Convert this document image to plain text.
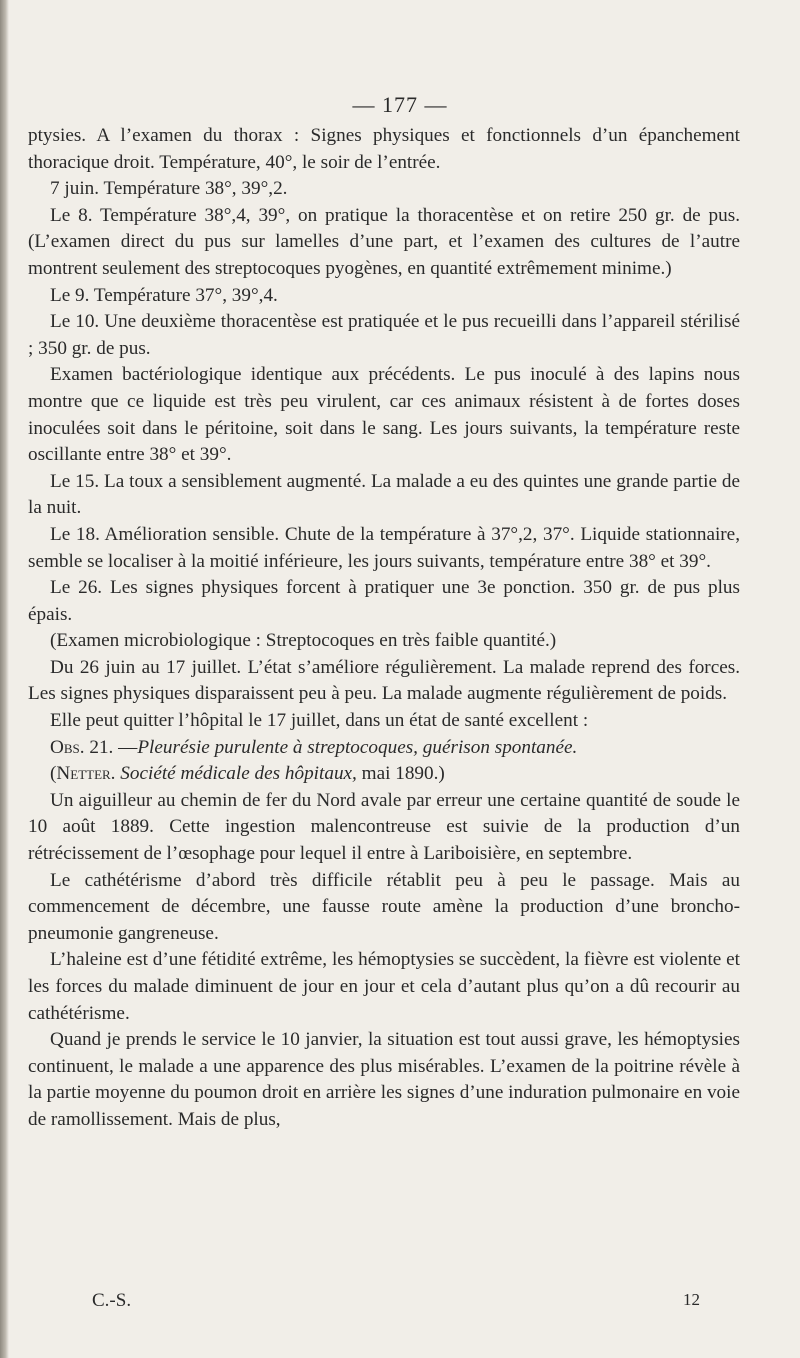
— 177 —

ptysies. A l’examen du thorax : Signes physiques et fonctionnels d’un épanchement thoracique droit. Température, 40°, le soir de l’entrée.

7 juin. Température 38°, 39°,2.

Le 8. Température 38°,4, 39°, on pratique la thoracentèse et on retire 250 gr. de pus. (L’examen direct du pus sur lamelles d’une part, et l’examen des cultures de l’autre montrent seulement des streptocoques pyogènes, en quantité extrêmement minime.)

Le 9. Température 37°, 39°,4.

Le 10. Une deuxième thoracentèse est pratiquée et le pus recueilli dans l’appareil stérilisé ; 350 gr. de pus.

Examen bactériologique identique aux précédents. Le pus inoculé à des lapins nous montre que ce liquide est très peu virulent, car ces animaux résistent à de fortes doses inoculées soit dans le péritoine, soit dans le sang. Les jours suivants, la température reste oscillante entre 38° et 39°.

Le 15. La toux a sensiblement augmenté. La malade a eu des quintes une grande partie de la nuit.

Le 18. Amélioration sensible. Chute de la température à 37°,2, 37°. Liquide stationnaire, semble se localiser à la moitié inférieure, les jours suivants, température entre 38° et 39°.

Le 26. Les signes physiques forcent à pratiquer une 3e ponction. 350 gr. de pus plus épais.

(Examen microbiologique : Streptocoques en très faible quantité.)

Du 26 juin au 17 juillet. L’état s’améliore régulièrement. La malade reprend des forces. Les signes physiques disparaissent peu à peu. La malade augmente régulièrement de poids.

Elle peut quitter l’hôpital le 17 juillet, dans un état de santé excellent :

Obs. 21. —Pleurésie purulente à streptocoques, guérison spontanée.

(Netter. Société médicale des hôpitaux, mai 1890.)

Un aiguilleur au chemin de fer du Nord avale par erreur une certaine quantité de soude le 10 août 1889. Cette ingestion malencontreuse est suivie de la production d’un rétrécissement de l’œsophage pour lequel il entre à Lariboisière, en septembre.

Le cathétérisme d’abord très difficile rétablit peu à peu le passage. Mais au commencement de décembre, une fausse route amène la production d’une broncho-pneumonie gangreneuse.

L’haleine est d’une fétidité extrême, les hémoptysies se succèdent, la fièvre est violente et les forces du malade diminuent de jour en jour et cela d’autant plus qu’on a dû recourir au cathétérisme.

Quand je prends le service le 10 janvier, la situation est tout aussi grave, les hémoptysies continuent, le malade a une apparence des plus misérables. L’examen de la poitrine révèle à la partie moyenne du poumon droit en arrière les signes d’une induration pulmonaire en voie de ramollissement. Mais de plus,

C.-S.	12
